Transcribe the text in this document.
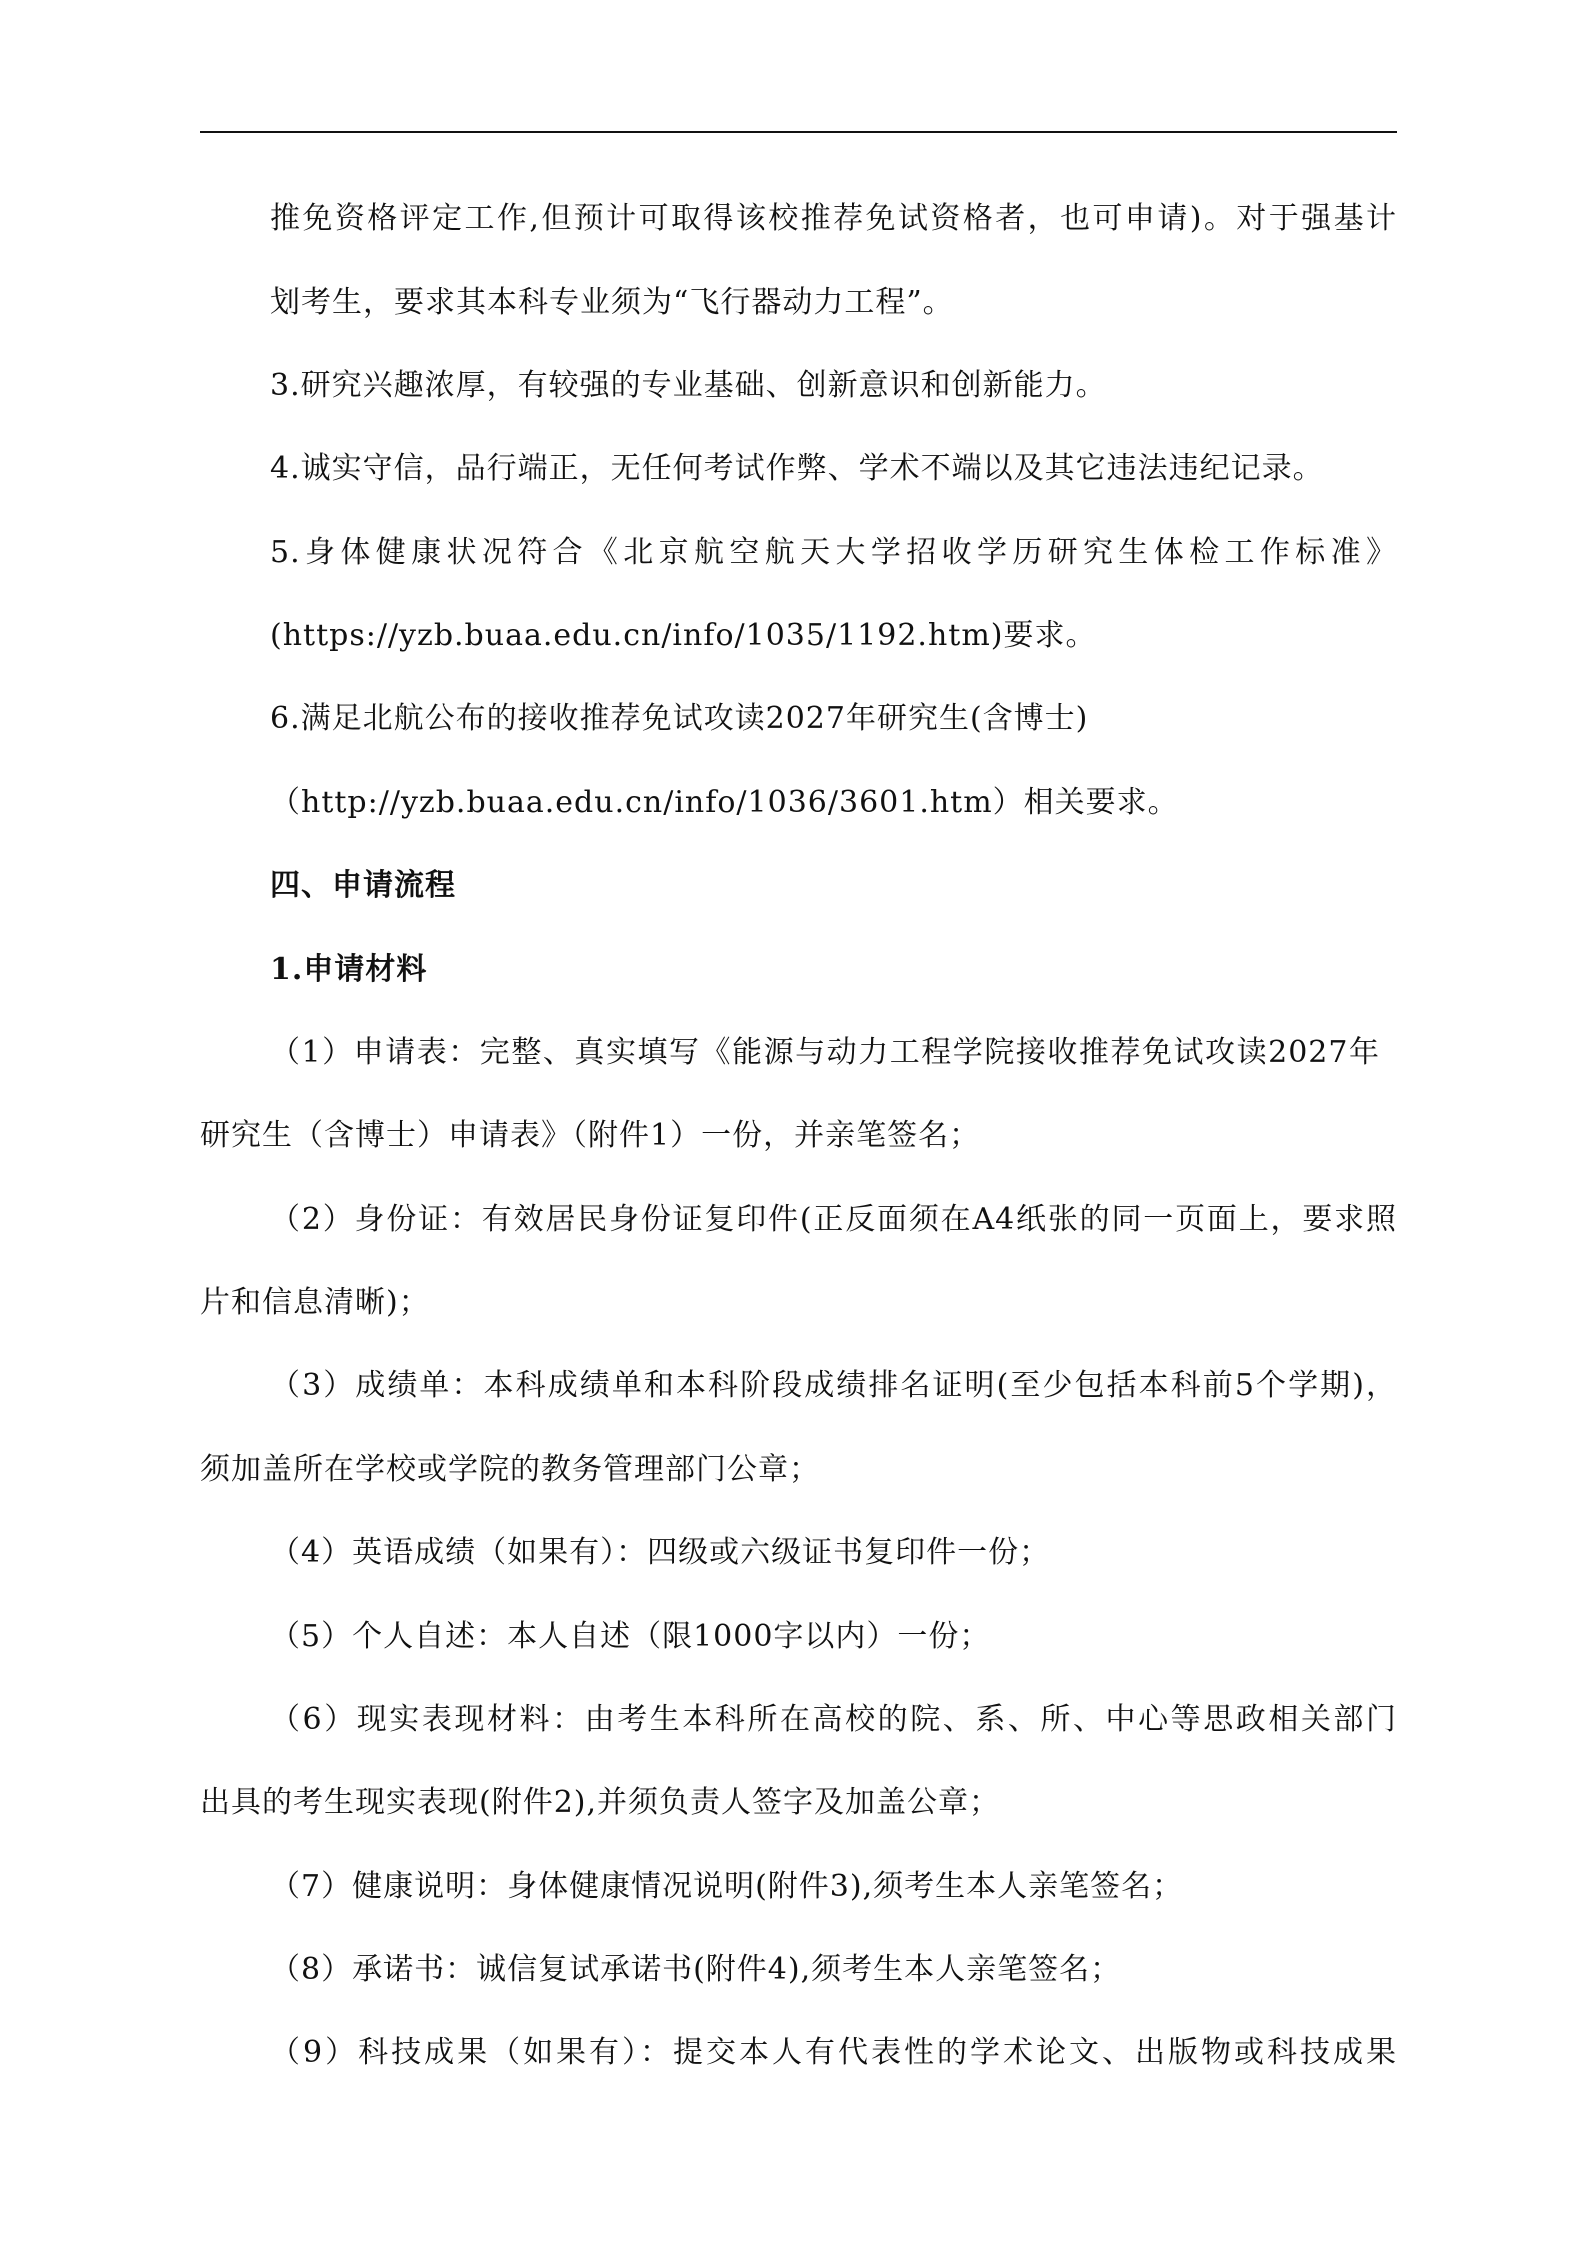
推免资格评定工作,但预计可取得该校推荐免试资格者，也可申请)。对于强基计
划考生，要求其本科专业须为“飞行器动力工程”。
3.研究兴趣浓厚，有较强的专业基础、创新意识和创新能力。
4.诚实守信，品行端正，无任何考试作弊、学术不端以及其它违法违纪记录。
5.身体健康状况符合《北京航空航天大学招收学历研究生体检工作标准》
(https://yzb.buaa.edu.cn/info/1035/1192.htm)要求。
6.满足北航公布的接收推荐免试攻读2027年研究生(含博士)
（http://yzb.buaa.edu.cn/info/1036/3601.htm）相关要求。
四、申请流程
1.申请材料
（1）申请表：完整、真实填写《能源与动力工程学院接收推荐免试攻读2027年
研究生（含博士）申请表》（附件1）一份，并亲笔签名；
（2）身份证：有效居民身份证复印件(正反面须在A4纸张的同一页面上，要求照
片和信息清晰)；
（3）成绩单：本科成绩单和本科阶段成绩排名证明(至少包括本科前5个学期)，
须加盖所在学校或学院的教务管理部门公章；
（4）英语成绩（如果有）：四级或六级证书复印件一份；
（5）个人自述：本人自述（限1000字以内）一份；
（6）现实表现材料：由考生本科所在高校的院、系、所、中心等思政相关部门
出具的考生现实表现(附件2),并须负责人签字及加盖公章；
（7）健康说明：身体健康情况说明(附件3),须考生本人亲笔签名；
（8）承诺书：诚信复试承诺书(附件4),须考生本人亲笔签名；
（9）科技成果（如果有）：提交本人有代表性的学术论文、出版物或科技成果
